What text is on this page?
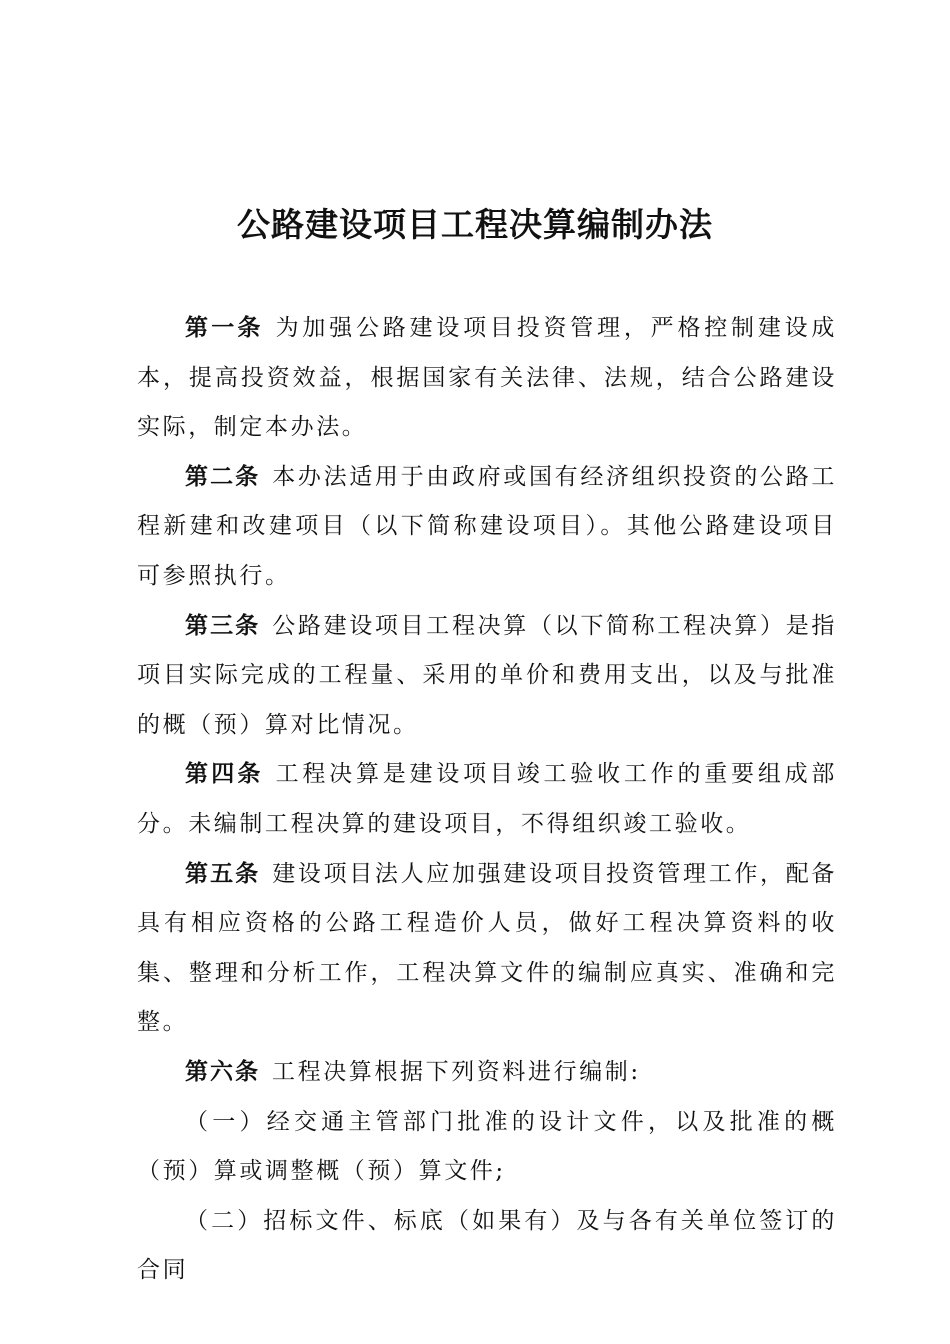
公路建设项目工程决算编制办法

第一条 为加强公路建设项目投资管理，严格控制建设成本，提高投资效益，根据国家有关法律、法规，结合公路建设实际，制定本办法。

第二条 本办法适用于由政府或国有经济组织投资的公路工程新建和改建项目（以下简称建设项目）。其他公路建设项目可参照执行。

第三条 公路建设项目工程决算（以下简称工程决算）是指项目实际完成的工程量、采用的单价和费用支出，以及与批准的概（预）算对比情况。

第四条 工程决算是建设项目竣工验收工作的重要组成部分。未编制工程决算的建设项目，不得组织竣工验收。

第五条 建设项目法人应加强建设项目投资管理工作，配备具有相应资格的公路工程造价人员，做好工程决算资料的收集、整理和分析工作，工程决算文件的编制应真实、准确和完整。

第六条 工程决算根据下列资料进行编制:

（一）经交通主管部门批准的设计文件，以及批准的概（预）算或调整概（预）算文件;

（二）招标文件、标底（如果有）及与各有关单位签订的合同
